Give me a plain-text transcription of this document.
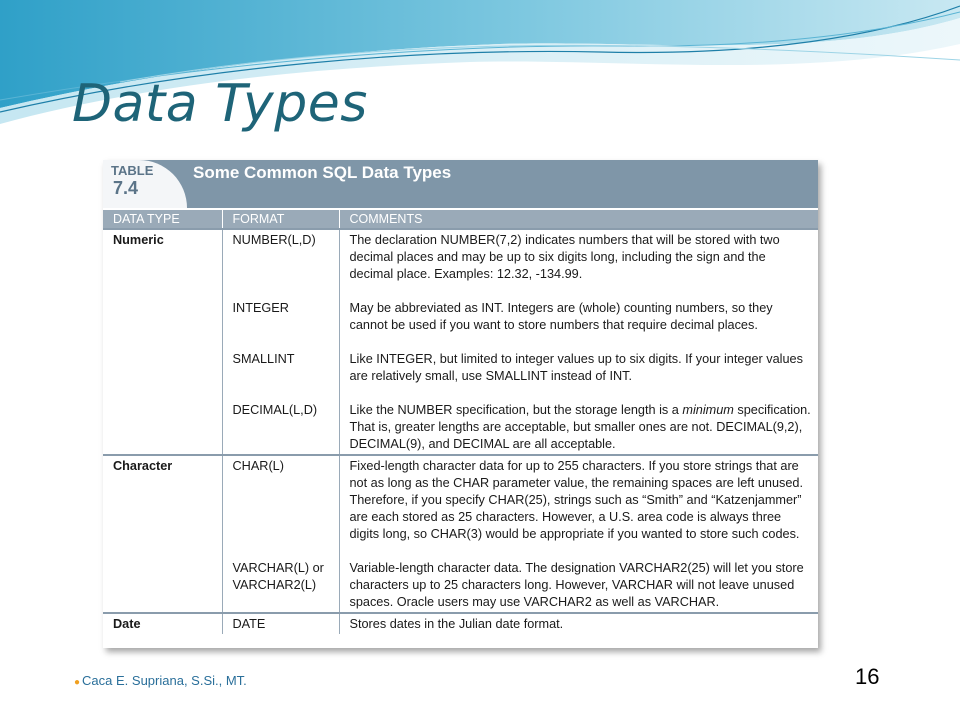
Data Types
TABLE
7.4
Some Common SQL Data Types
DATA TYPE	FORMAT	COMMENTS
Numeric	NUMBER(L,D)	The declaration NUMBER(7,2) indicates numbers that will be stored with two decimal places and may be up to six digits long, including the sign and the decimal place. Examples: 12.32, -134.99.
	INTEGER	May be abbreviated as INT. Integers are (whole) counting numbers, so they cannot be used if you want to store numbers that require decimal places.
	SMALLINT	Like INTEGER, but limited to integer values up to six digits. If your integer values are relatively small, use SMALLINT instead of INT.
	DECIMAL(L,D)	Like the NUMBER specification, but the storage length is a minimum specification. That is, greater lengths are acceptable, but smaller ones are not. DECIMAL(9,2), DECIMAL(9), and DECIMAL are all acceptable.
Character	CHAR(L)	Fixed-length character data for up to 255 characters. If you store strings that are not as long as the CHAR parameter value, the remaining spaces are left unused. Therefore, if you specify CHAR(25), strings such as “Smith” and “Katzenjammer” are each stored as 25 characters. However, a U.S. area code is always three digits long, so CHAR(3) would be appropriate if you wanted to store such codes.
	VARCHAR(L) or VARCHAR2(L)	Variable-length character data. The designation VARCHAR2(25) will let you store characters up to 25 characters long. However, VARCHAR will not leave unused spaces. Oracle users may use VARCHAR2 as well as VARCHAR.
Date	DATE	Stores dates in the Julian date format.
● Caca E. Supriana, S.Si., MT.	16
